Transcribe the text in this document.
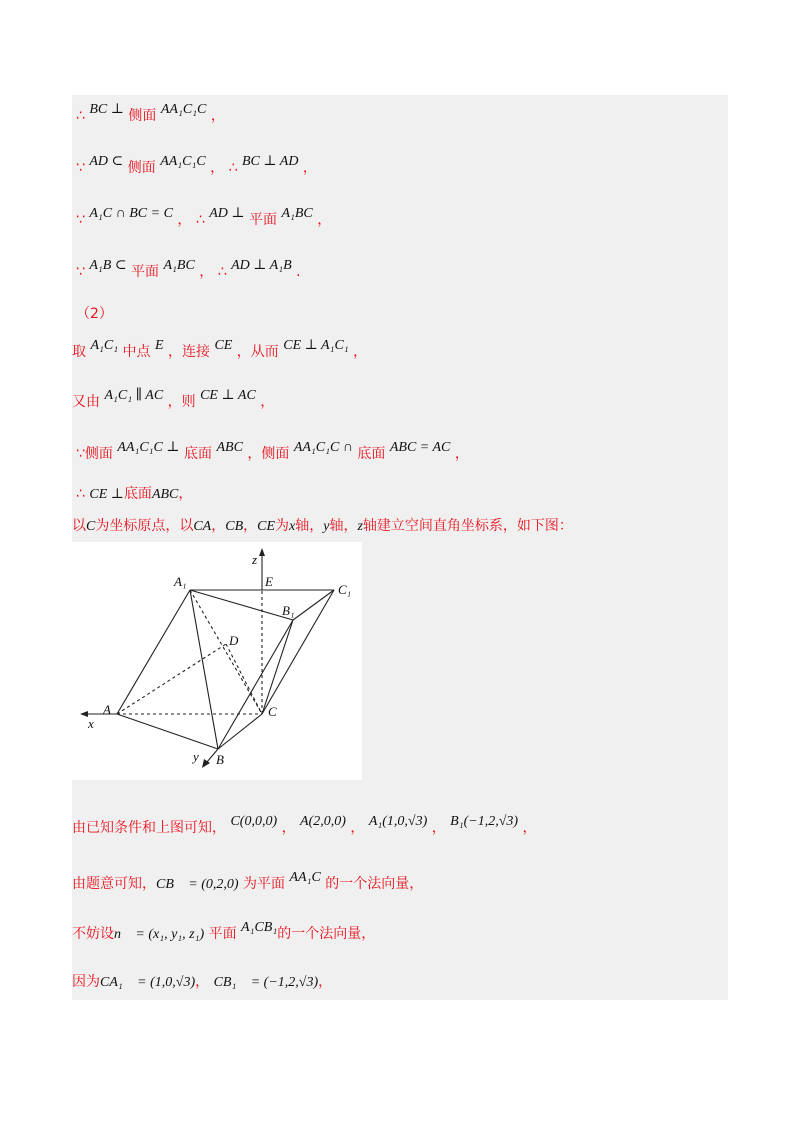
∴ BC ⊥ 侧面 AA₁C₁C ，
∵ AD ⊂ 侧面 AA₁C₁C ， ∴ BC ⊥ AD ，
∵ A₁C ∩ BC = C ， ∴ AD ⊥ 平面 A₁BC ，
∵ A₁B ⊂ 平面 A₁BC ， ∴ AD ⊥ A₁B .
（2）
取 A₁C₁ 中点 E ，连接 CE ，从而 CE ⊥ A₁C₁ ，
又由 A₁C₁ ∥ AC ，则 CE ⊥ AC ，
∵侧面 AA₁C₁C ⊥ 底面 ABC ，侧面 AA₁C₁C ∩ 底面 ABC = AC ，
∴ CE ⊥底面ABC，
以C为坐标原点，以CA，CB，CE为x轴，y轴，z轴建立空间直角坐标系，如下图：
A₁	E
C₁
B₁
D
A	C
B
x
y
z
由已知条件和上图可知， C(0,0,0) ， A(2,0,0) ， A₁(1,0,√3) ， B₁(−1,2,√3) ，
由题意可知，CB⃗ = (0,2,0) 为平面 AA₁C 的一个法向量，
不妨设n⃗ = (x₁, y₁, z₁) 平面 A₁CB₁的一个法向量，
因为CA₁⃗ = (1,0,√3)， CB₁⃗ = (−1,2,√3)，
